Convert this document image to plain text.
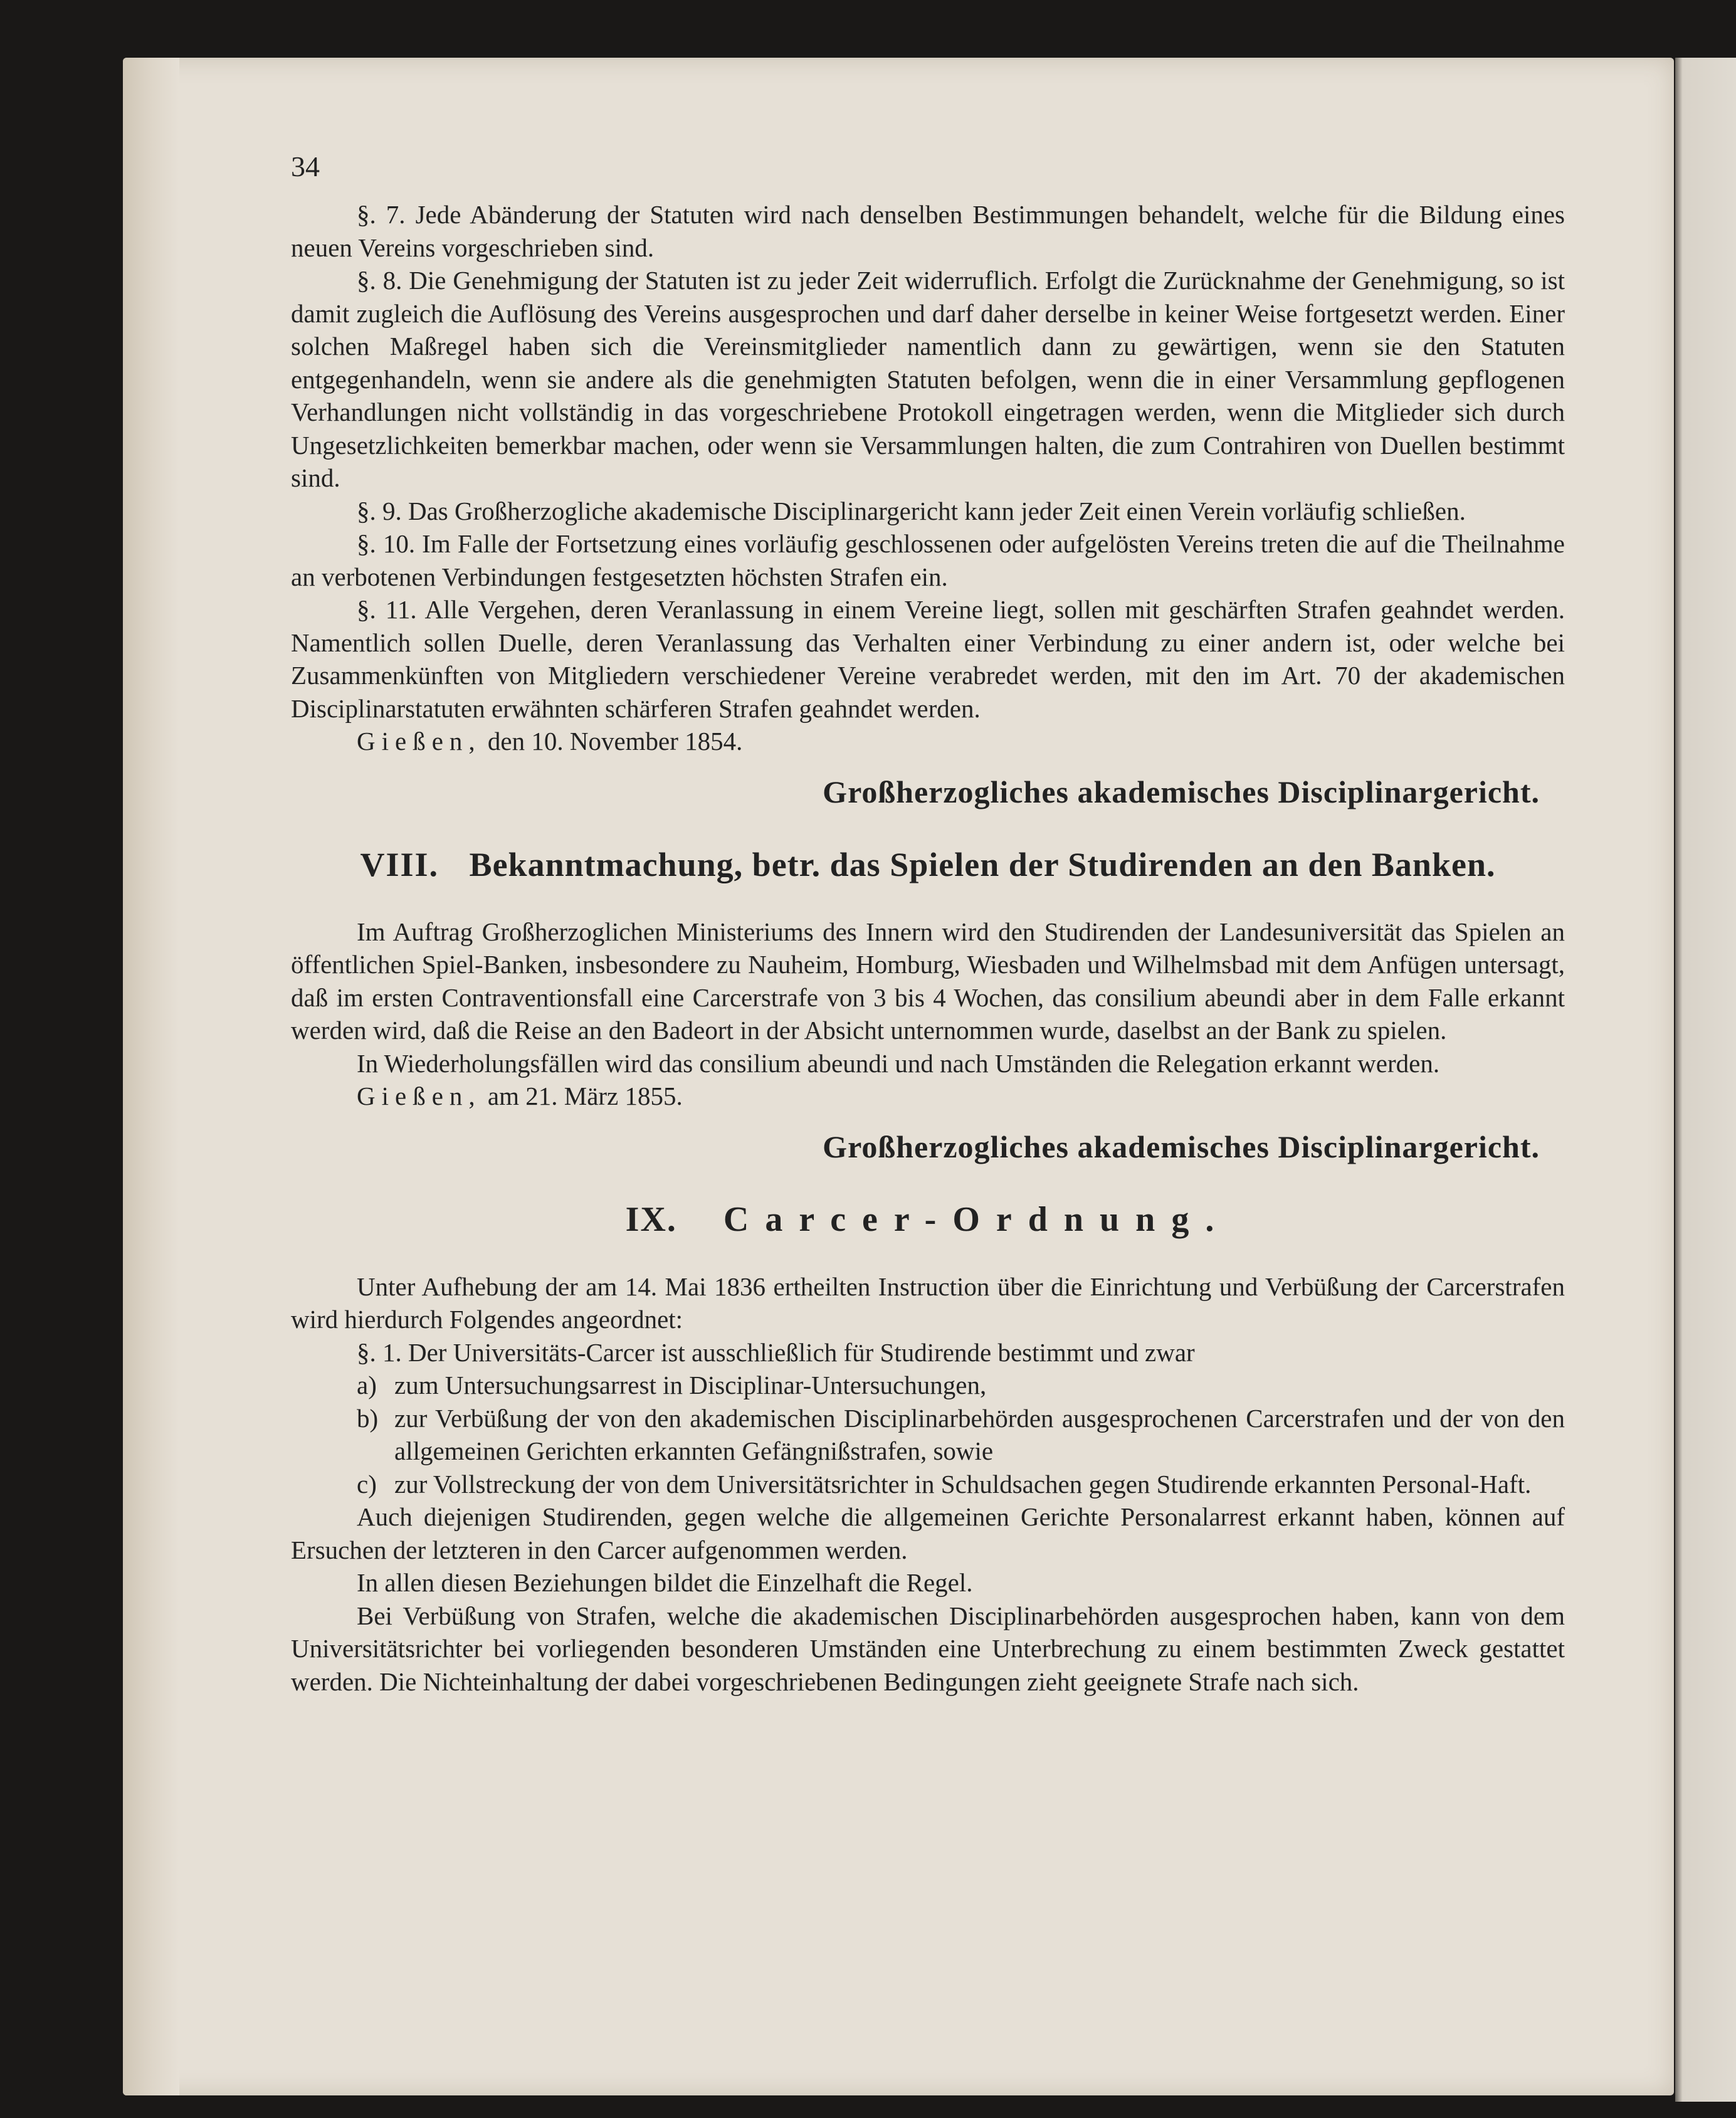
34

§. 7. Jede Abänderung der Statuten wird nach denselben Bestimmungen behandelt, welche für die Bildung eines neuen Vereins vorgeschrieben sind.

§. 8. Die Genehmigung der Statuten ist zu jeder Zeit widerruflich. Erfolgt die Zurücknahme der Genehmigung, so ist damit zugleich die Auflösung des Vereins ausgesprochen und darf daher derselbe in keiner Weise fortgesetzt werden. Einer solchen Maßregel haben sich die Vereinsmitglieder namentlich dann zu gewärtigen, wenn sie den Statuten entgegenhandeln, wenn sie andere als die genehmigten Statuten befolgen, wenn die in einer Versammlung gepflogenen Verhandlungen nicht vollständig in das vorgeschriebene Protokoll eingetragen werden, wenn die Mitglieder sich durch Ungesetzlichkeiten bemerkbar machen, oder wenn sie Versammlungen halten, die zum Contrahiren von Duellen bestimmt sind.

§. 9. Das Großherzogliche akademische Disciplinargericht kann jeder Zeit einen Verein vorläufig schließen.

§. 10. Im Falle der Fortsetzung eines vorläufig geschlossenen oder aufgelösten Vereins treten die auf die Theilnahme an verbotenen Verbindungen festgesetzten höchsten Strafen ein.

§. 11. Alle Vergehen, deren Veranlassung in einem Vereine liegt, sollen mit geschärften Strafen geahndet werden. Namentlich sollen Duelle, deren Veranlassung das Verhalten einer Verbindung zu einer andern ist, oder welche bei Zusammenkünften von Mitgliedern verschiedener Vereine verabredet werden, mit den im Art. 70 der akademischen Disciplinarstatuten erwähnten schärferen Strafen geahndet werden.

Gießen, den 10. November 1854.

Großherzogliches akademisches Disciplinargericht.
VIII. Bekanntmachung, betr. das Spielen der Studirenden an den Banken.

Im Auftrag Großherzoglichen Ministeriums des Innern wird den Studirenden der Landesuniversität das Spielen an öffentlichen Spiel-Banken, insbesondere zu Nauheim, Homburg, Wiesbaden und Wilhelmsbad mit dem Anfügen untersagt, daß im ersten Contraventionsfall eine Carcerstrafe von 3 bis 4 Wochen, das consilium abeundi aber in dem Falle erkannt werden wird, daß die Reise an den Badeort in der Absicht unternommen wurde, daselbst an der Bank zu spielen.

In Wiederholungsfällen wird das consilium abeundi und nach Umständen die Relegation erkannt werden.

Gießen, am 21. März 1855.

Großherzogliches akademisches Disciplinargericht.
IX. Carcer-Ordnung.

Unter Aufhebung der am 14. Mai 1836 ertheilten Instruction über die Einrichtung und Verbüßung der Carcerstrafen wird hierdurch Folgendes angeordnet:

§. 1. Der Universitäts-Carcer ist ausschließlich für Studirende bestimmt und zwar

a) zum Untersuchungsarrest in Disciplinar-Untersuchungen,
b) zur Verbüßung der von den akademischen Disciplinarbehörden ausgesprochenen Carcerstrafen und der von den allgemeinen Gerichten erkannten Gefängnißstrafen, sowie
c) zur Vollstreckung der von dem Universitätsrichter in Schuldsachen gegen Studirende erkannten Personal-Haft.

Auch diejenigen Studirenden, gegen welche die allgemeinen Gerichte Personalarrest erkannt haben, können auf Ersuchen der letzteren in den Carcer aufgenommen werden.

In allen diesen Beziehungen bildet die Einzelhaft die Regel.

Bei Verbüßung von Strafen, welche die akademischen Disciplinarbehörden ausgesprochen haben, kann von dem Universitätsrichter bei vorliegenden besonderen Umständen eine Unterbrechung zu einem bestimmten Zweck gestattet werden. Die Nichteinhaltung der dabei vorgeschriebenen Bedingungen zieht geeignete Strafe nach sich.
